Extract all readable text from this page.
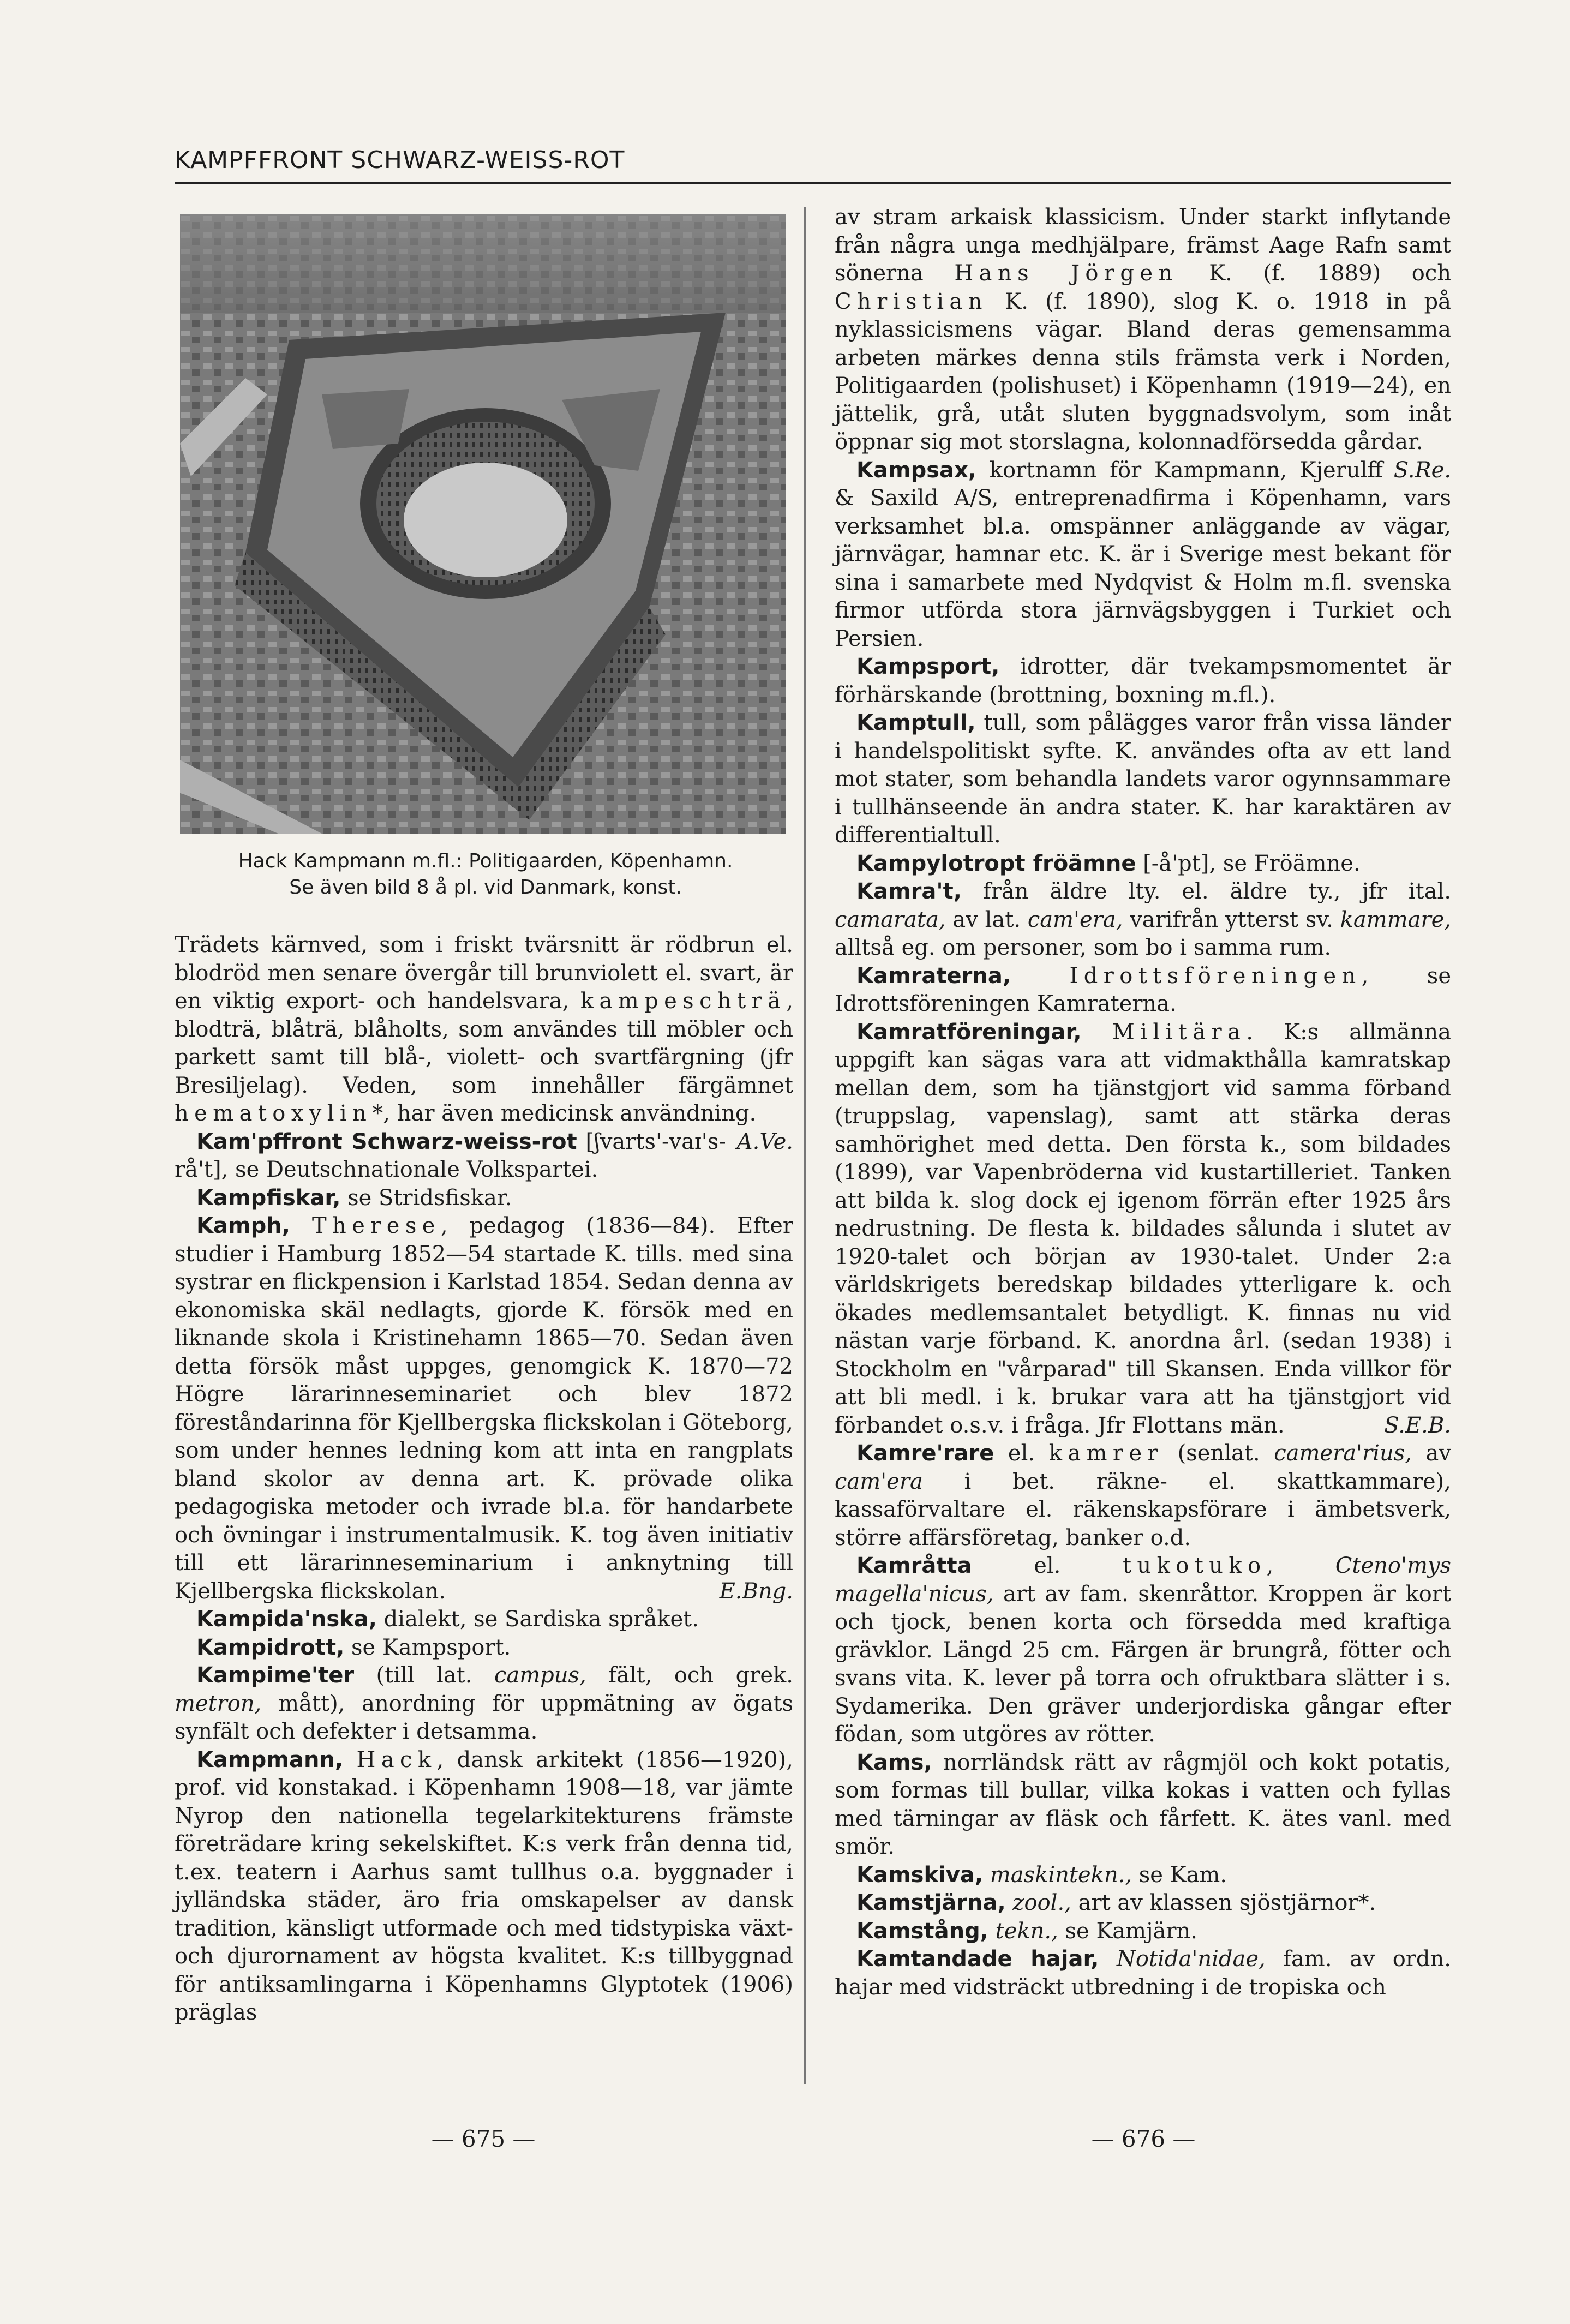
KAMPFFRONT SCHWARZ-WEISS-ROT
Hack Kampmann m.fl.: Politigaarden, Köpenhamn.
Se även bild 8 å pl. vid Danmark, konst.

Trädets kärnved, som i friskt tvärsnitt är rödbrun el. blodröd men senare övergår till brunviolett el. svart, är en viktig export- och handelsvara, kampeschträ, blodträ, blåträ, blåholts, som användes till möbler och parkett samt till blå-, violett- och svartfärgning (jfr Bresiljelag). Veden, som innehåller färgämnet hematoxylin*, har även medicinsk användning.
A.Ve.

Kam'pffront Schwarz-weiss-rot [ʃvarts'-vaɪ's-rå't], se Deutschnationale Volkspartei.

Kampfiskar, se Stridsfiskar.

Kamph, Therese, pedagog (1836—84). Efter studier i Hamburg 1852—54 startade K. tills. med sina systrar en flickpension i Karlstad 1854. Sedan denna av ekonomiska skäl nedlagts, gjorde K. försök med en liknande skola i Kristinehamn 1865—70. Sedan även detta försök måst uppges, genomgick K. 1870—72 Högre lärarinneseminariet och blev 1872 föreståndarinna för Kjellbergska flickskolan i Göteborg, som under hennes ledning kom att inta en rangplats bland skolor av denna art. K. prövade olika pedagogiska metoder och ivrade bl.a. för handarbete och övningar i instrumentalmusik. K. tog även initiativ till ett lärarinneseminarium i anknytning till Kjellbergska flickskolan.	E.Bng.

Kampida'nska, dialekt, se Sardiska språket.

Kampidrott, se Kampsport.

Kampime'ter (till lat. campus, fält, och grek. metron, mått), anordning för uppmätning av ögats synfält och defekter i detsamma.

Kampmann, Hack, dansk arkitekt (1856—1920), prof. vid konstakad. i Köpenhamn 1908—18, var jämte Nyrop den nationella tegelarkitekturens främste företrädare kring sekelskiftet. K:s verk från denna tid, t.ex. teatern i Aarhus samt tullhus o.a. byggnader i jylländska städer, äro fria omskapelser av dansk tradition, känsligt utformade och med tidstypiska växt- och djurornament av högsta kvalitet. K:s tillbyggnad för antiksamlingarna i Köpenhamns Glyptotek (1906) präglas

av stram arkaisk klassicism. Under starkt inflytande från några unga medhjälpare, främst Aage Rafn samt sönerna Hans Jörgen K. (f. 1889) och Christian K. (f. 1890), slog K. o. 1918 in på nyklassicismens vägar. Bland deras gemensamma arbeten märkes denna stils främsta verk i Norden, Politigaarden (polishuset) i Köpenhamn (1919—24), en jättelik, grå, utåt sluten byggnadsvolym, som inåt öppnar sig mot storslagna, kolonnadförsedda gårdar.
S.Re.

Kampsax, kortnamn för Kampmann, Kjerulff & Saxild A/S, entreprenadfirma i Köpenhamn, vars verksamhet bl.a. omspänner anläggande av vägar, järnvägar, hamnar etc. K. är i Sverige mest bekant för sina i samarbete med Nydqvist & Holm m.fl. svenska firmor utförda stora järnvägsbyggen i Turkiet och Persien.

Kampsport, idrotter, där tvekampsmomentet är förhärskande (brottning, boxning m.fl.).

Kamptull, tull, som pålägges varor från vissa länder i handelspolitiskt syfte. K. användes ofta av ett land mot stater, som behandla landets varor ogynnsammare i tullhänseende än andra stater. K. har karaktären av differentialtull.

Kampylotropt fröämne [-å'pt], se Fröämne.

Kamra't, från äldre lty. el. äldre ty., jfr ital. camarata, av lat. cam'era, varifrån ytterst sv. kammare, alltså eg. om personer, som bo i samma rum.

Kamraterna,	Idrottsföreningen, se Idrottsföreningen Kamraterna.

Kamratföreningar, Militära. K:s allmänna uppgift kan sägas vara att vidmakthålla kamratskap mellan dem, som ha tjänstgjort vid samma förband (truppslag, vapenslag), samt att stärka deras samhörighet med detta. Den första k., som bildades (1899), var Vapenbröderna vid kustartilleriet. Tanken att bilda k. slog dock ej igenom förrän efter 1925 års nedrustning. De flesta k. bildades sålunda i slutet av 1920-talet och början av 1930-talet. Under 2:a världskrigets beredskap bildades ytterligare k. och ökades medlemsantalet betydligt. K. finnas nu vid nästan varje förband. K. anordna årl. (sedan 1938) i Stockholm en "vårparad" till Skansen. Enda villkor för att bli medl. i k. brukar vara att ha tjänstgjort vid förbandet o.s.v. i fråga. Jfr Flottans män.	S.E.B.

Kamre'rare el. kamrer (senlat. camera'rius, av cam'era i bet. räkne- el. skattkammare), kassaförvaltare el. räkenskapsförare i ämbetsverk, större affärsföretag, banker o.d.

Kamråtta el. tukotuko, Cteno'mys magella'nicus, art av fam. skenråttor. Kroppen är kort och tjock, benen korta och försedda med kraftiga grävklor. Längd 25 cm. Färgen är brungrå, fötter och svans vita. K. lever på torra och ofruktbara slätter i s. Sydamerika. Den gräver underjordiska gångar efter födan, som utgöres av rötter.

Kams, norrländsk rätt av rågmjöl och kokt potatis, som formas till bullar, vilka kokas i vatten och fyllas med tärningar av fläsk och fårfett. K. ätes vanl. med smör.

Kamskiva, maskintekn., se Kam.

Kamstjärna, zool., art av klassen sjöstjärnor*.

Kamstång, tekn., se Kamjärn.

Kamtandade hajar, Notida'nidae, fam. av ordn. hajar med vidsträckt utbredning i de tropiska och

— 675 —	— 676 —
